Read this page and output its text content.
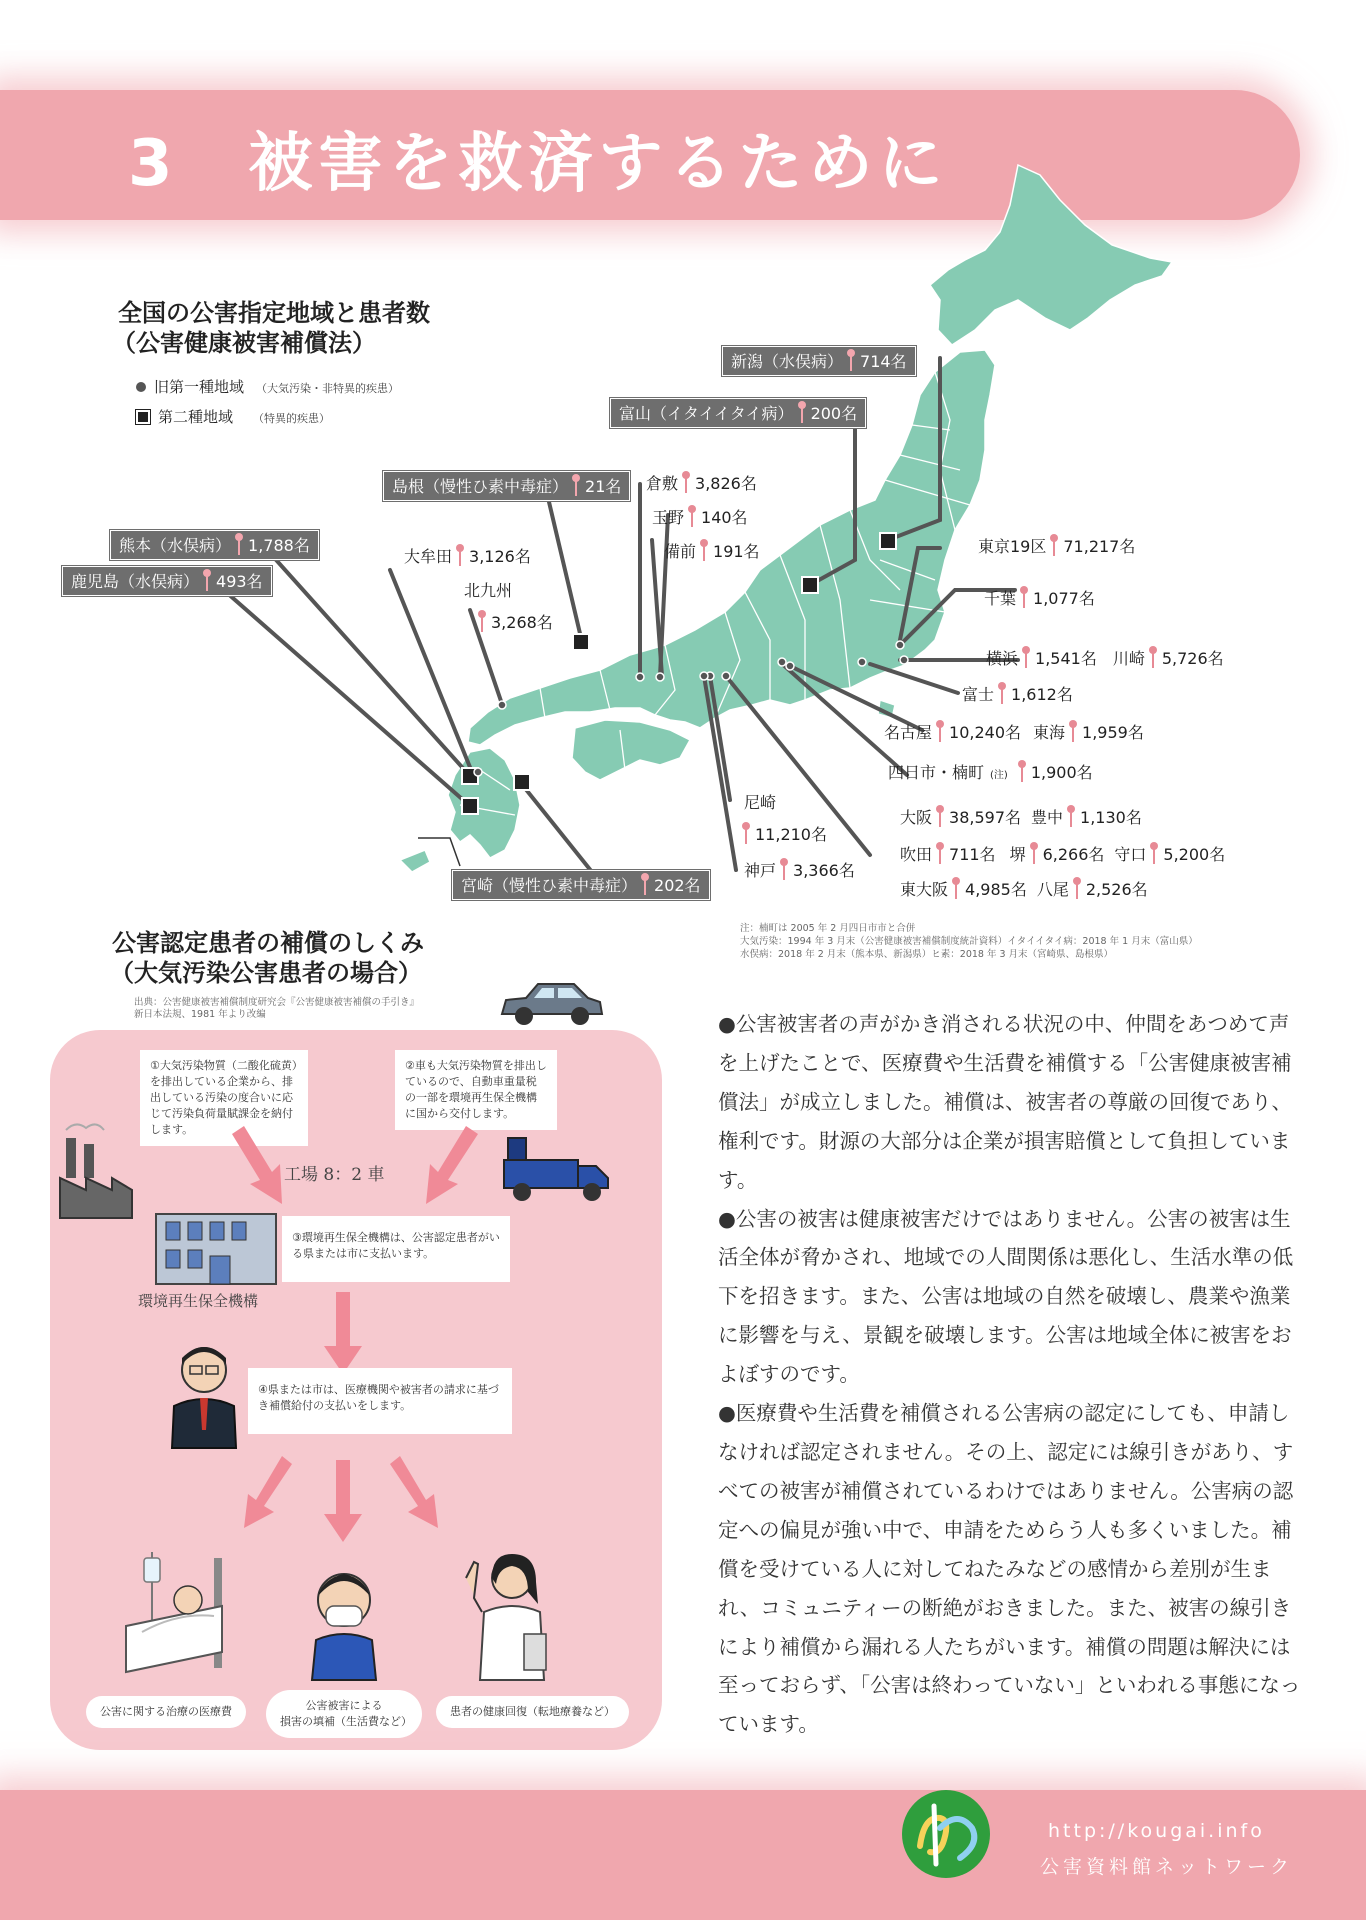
3　被害を救済するために
全国の公害指定地域と患者数
（公害健康被害補償法）
旧第一種地域 （大気汚染・非特異的疾患）
第二種地域 （特異的疾患）
新潟（水俣病） 714名
富山（イタイイタイ病） 200名
島根（慢性ひ素中毒症） 21名
熊本（水俣病） 1,788名
鹿児島（水俣病） 493名
宮崎（慢性ひ素中毒症） 202名
倉敷 3,826名
玉野 140名
備前 191名
大牟田 3,126名
北九州
3,268名
東京19区 71,217名
千葉 1,077名
横浜 1,541名 川崎 5,726名
富士 1,612名
名古屋 10,240名 東海 1,959名
四日市・楠町 (注) 1,900名
尼崎
11,210名
神戸 3,366名
大阪 38,597名 豊中 1,130名
吹田 711名 堺 6,266名 守口 5,200名
東大阪 4,985名 八尾 2,526名
注：楠町は 2005 年 2 月四日市市と合併
大気汚染：1994 年 3 月末（公害健康被害補償制度統計資料）イタイイタイ病：2018 年 1 月末（富山県）
水俣病：2018 年 2 月末（熊本県、新潟県）ヒ素：2018 年 3 月末（宮崎県、島根県）
公害認定患者の補償のしくみ
（大気汚染公害患者の場合）
出典：公害健康被害補償制度研究会『公害健康被害補償の手引き』
新日本法規、1981 年より改編
①大気汚染物質（二酸化硫黄）を排出している企業から、排出している汚染の度合いに応じて汚染負荷量賦課金を納付します。
②車も大気汚染物質を排出しているので、自動車重量税の一部を環境再生保全機構に国から交付します。
工場 8：2 車
③環境再生保全機構は、公害認定患者がいる県または市に支払います。
環境再生保全機構
④県または市は、医療機関や被害者の請求に基づき補償給付の支払いをします。
公害に関する治療の医療費	公害被害による
損害の填補（生活費など）
患者の健康回復（転地療養など）

●公害被害者の声がかき消される状況の中、仲間をあつめて声を上げたことで、医療費や生活費を補償する「公害健康被害補償法」が成立しました。補償は、被害者の尊厳の回復であり、権利です。財源の大部分は企業が損害賠償として負担しています。

●公害の被害は健康被害だけではありません。公害の被害は生活全体が脅かされ、地域での人間関係は悪化し、生活水準の低下を招きます。また、公害は地域の自然を破壊し、農業や漁業に影響を与え、景観を破壊します。公害は地域全体に被害をおよぼすのです。

●医療費や生活費を補償される公害病の認定にしても、申請しなければ認定されません。その上、認定には線引きがあり、すべての被害が補償されているわけではありません。公害病の認定への偏見が強い中で、申請をためらう人も多くいました。補償を受けている人に対してねたみなどの感情から差別が生まれ、コミュニティーの断絶がおきました。また、被害の線引きにより補償から漏れる人たちがいます。補償の問題は解決には至っておらず、「公害は終わっていない」といわれる事態になっています。

http://kougai.info
公害資料館ネットワーク
